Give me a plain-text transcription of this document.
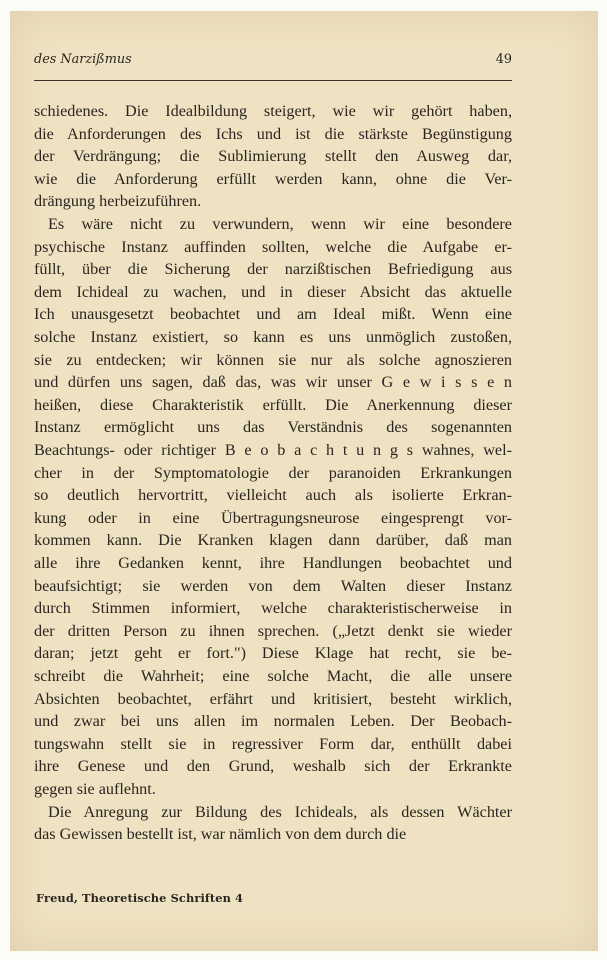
des Narzißmus	49
schiedenes. Die Idealbildung steigert, wie wir gehört haben,
die Anforderungen des Ichs und ist die stärkste Begünstigung
der Verdrängung; die Sublimierung stellt den Ausweg dar,
wie die Anforderung erfüllt werden kann, ohne die Ver-
drängung herbeizuführen.
Es wäre nicht zu verwundern, wenn wir eine besondere
psychische Instanz auffinden sollten, welche die Aufgabe er-
füllt, über die Sicherung der narzißtischen Befriedigung aus
dem Ichideal zu wachen, und in dieser Absicht das aktuelle
Ich unausgesetzt beobachtet und am Ideal mißt. Wenn eine
solche Instanz existiert, so kann es uns unmöglich zustoßen,
sie zu entdecken; wir können sie nur als solche agnoszieren
und dürfen uns sagen, daß das, was wir unser G e w i s s e n
heißen, diese Charakteristik erfüllt. Die Anerkennung dieser
Instanz ermöglicht uns das Verständnis des sogenannten
Beachtungs- oder richtiger B e o b a c h t u n g s wahnes, wel-
cher in der Symptomatologie der paranoiden Erkrankungen
so deutlich hervortritt, vielleicht auch als isolierte Erkran-
kung oder in eine Übertragungsneurose eingesprengt vor-
kommen kann. Die Kranken klagen dann darüber, daß man
alle ihre Gedanken kennt, ihre Handlungen beobachtet und
beaufsichtigt; sie werden von dem Walten dieser Instanz
durch Stimmen informiert, welche charakteristischerweise in
der dritten Person zu ihnen sprechen. („Jetzt denkt sie wieder
daran; jetzt geht er fort.") Diese Klage hat recht, sie be-
schreibt die Wahrheit; eine solche Macht, die alle unsere
Absichten beobachtet, erfährt und kritisiert, besteht wirklich,
und zwar bei uns allen im normalen Leben. Der Beobach-
tungswahn stellt sie in regressiver Form dar, enthüllt dabei
ihre Genese und den Grund, weshalb sich der Erkrankte
gegen sie auflehnt.
Die Anregung zur Bildung des Ichideals, als dessen Wächter
das Gewissen bestellt ist, war nämlich von dem durch die
Freud, Theoretische Schriften 4
